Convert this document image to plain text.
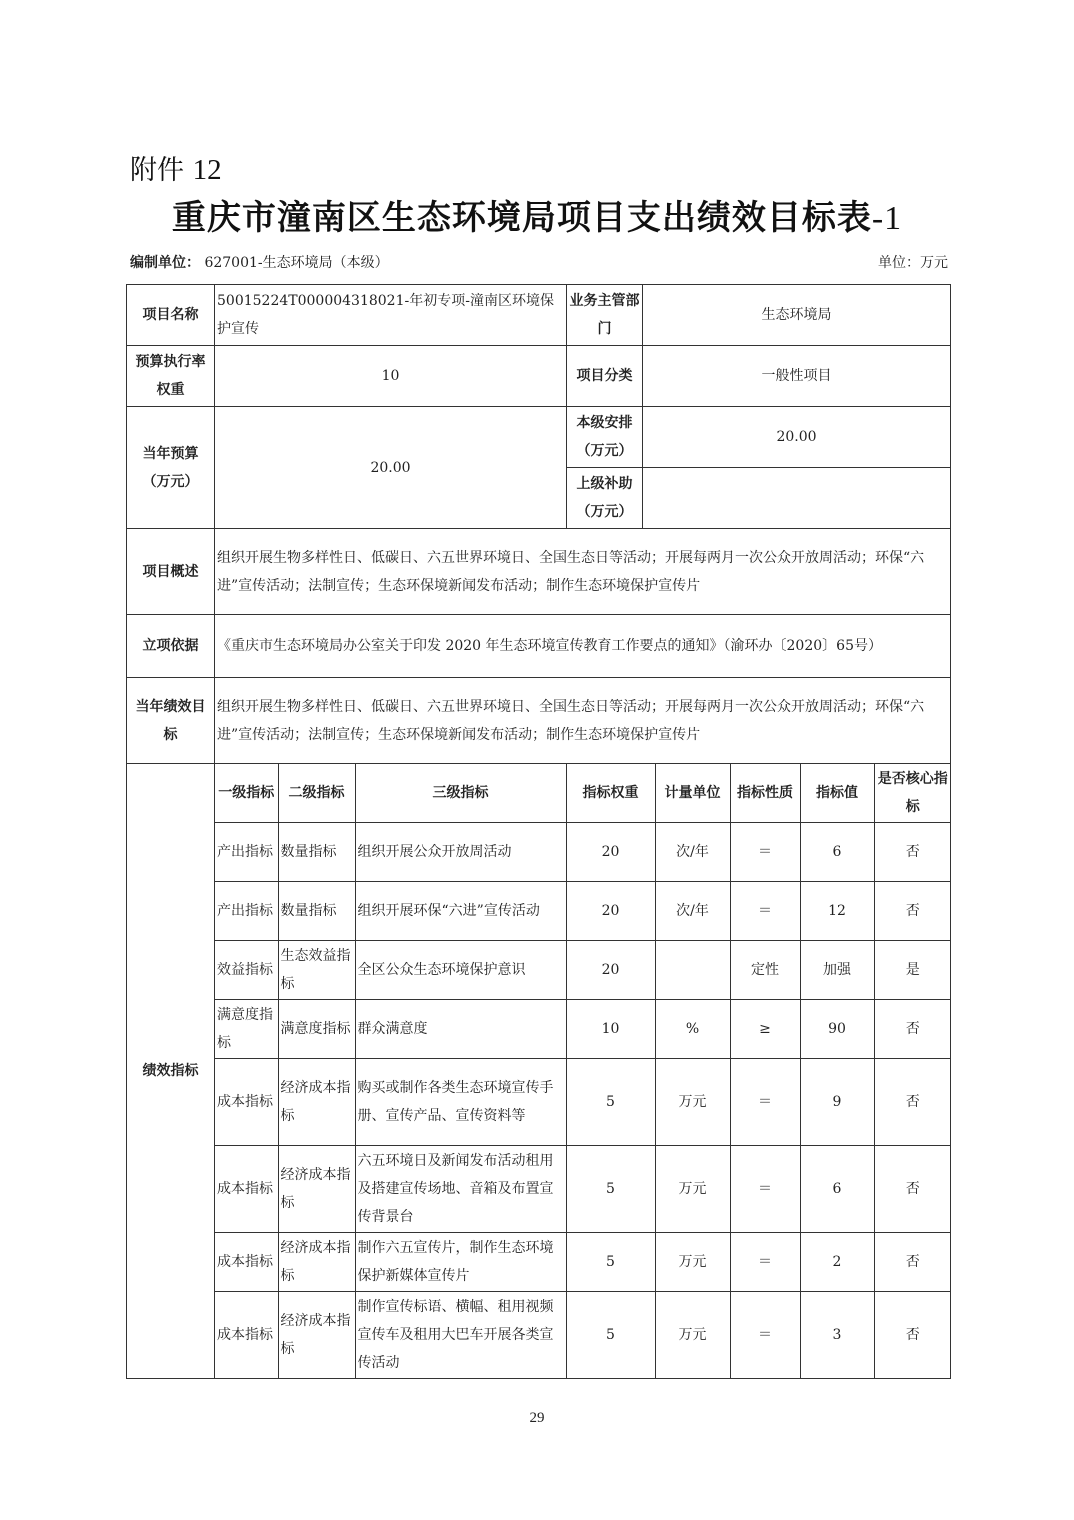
附件 12
重庆市潼南区生态环境局项目支出绩效目标表-1
编制单位： 627001-生态环境局（本级）	单位：万元
项目名称	50015224T000004318021-年初专项-潼南区环境保护宣传	业务主管部门	生态环境局
预算执行率权重	10	项目分类	一般性项目
当年预算（万元）	20.00	本级安排（万元）	20.00
上级补助（万元）	
项目概述	组织开展生物多样性日、低碳日、六五世界环境日、全国生态日等活动；开展每两月一次公众开放周活动；环保“六进”宣传活动；法制宣传；生态环保境新闻发布活动；制作生态环境保护宣传片
立项依据	《重庆市生态环境局办公室关于印发 2020 年生态环境宣传教育工作要点的通知》（渝环办〔2020〕65号）
当年绩效目标	组织开展生物多样性日、低碳日、六五世界环境日、全国生态日等活动；开展每两月一次公众开放周活动；环保“六进”宣传活动；法制宣传；生态环保境新闻发布活动；制作生态环境保护宣传片
绩效指标	
一级指标	二级指标	三级指标	指标权重	计量单位	指标性质	指标值	是否核心指标
产出指标	数量指标	组织开展公众开放周活动	20	次/年	＝	6	否
产出指标	数量指标	组织开展环保“六进”宣传活动	20	次/年	＝	12	否
效益指标	生态效益指标	全区公众生态环境保护意识	20		定性	加强	是
满意度指标	满意度指标	群众满意度	10	%	≥	90	否
成本指标	经济成本指标	购买或制作各类生态环境宣传手册、宣传产品、宣传资料等	5	万元	＝	9	否
成本指标	经济成本指标	六五环境日及新闻发布活动租用及搭建宣传场地、音箱及布置宣传背景台	5	万元	＝	6	否
成本指标	经济成本指标	制作六五宣传片，制作生态环境保护新媒体宣传片	5	万元	＝	2	否
成本指标	经济成本指标	制作宣传标语、横幅、租用视频宣传车及租用大巴车开展各类宣传活动	5	万元	＝	3	否
29
